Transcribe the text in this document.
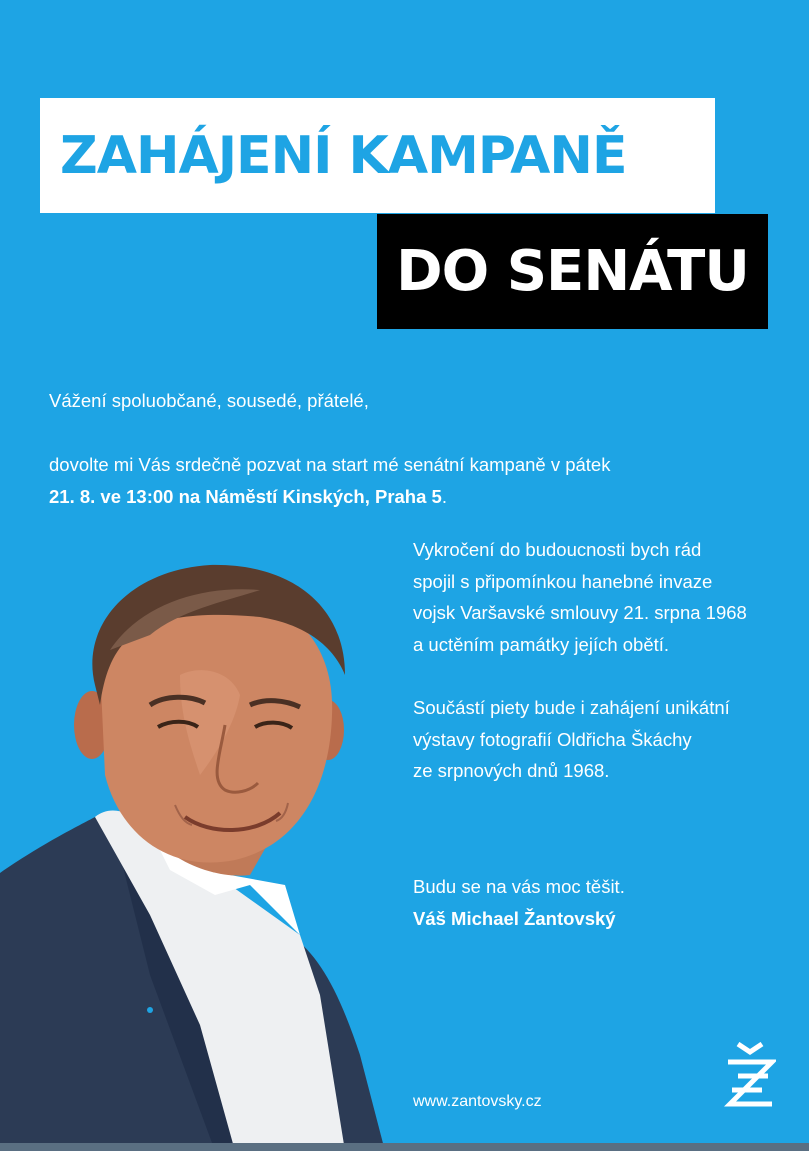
ZAHÁJENÍ KAMPANĚ
DO SENÁTU

Vážení spoluobčané, sousedé, přátelé,

dovolte mi Vás srdečně pozvat na start mé senátní kampaně v pátek
21. 8. ve 13:00 na Náměstí Kinských, Praha 5.
Vykročení do budoucnosti bych rád
spojil s připomínkou hanebné invaze
vojsk Varšavské smlouvy 21. srpna 1968
a uctěním památky jejích obětí.
Součástí piety bude i zahájení unikátní
výstavy fotografií Oldřicha Škáchy
ze srpnových dnů 1968.
Budu se na vás moc těšit.
Váš Michael Žantovský
www.zantovsky.cz
